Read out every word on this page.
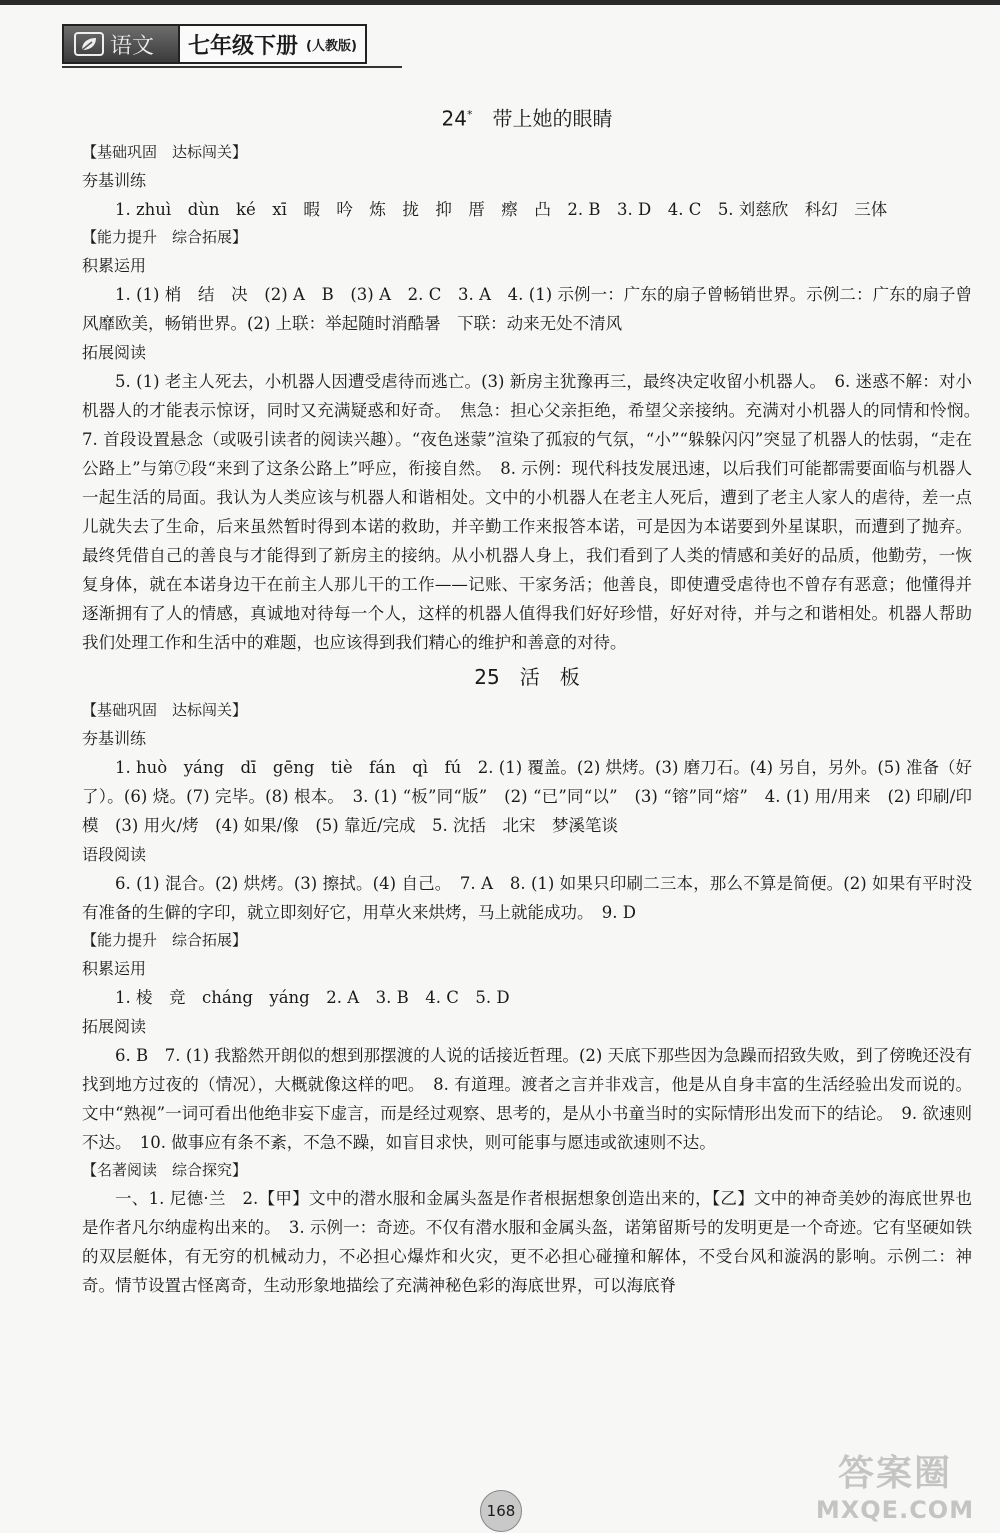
语文 七年级下册 (人教版)
24*　 带上她的眼睛
【基础巩固　达标闯关】
夯基训练

1. zhuì　dùn　ké　xī　暇　吟　炼　拢　抑　厝　瘵　凸　2. B　3. D　4. C　5. 刘慈欣　科幻　三体

【能力提升　综合拓展】
积累运用

1. (1) 梢　结　决　(2) A　B　(3) A　2. C　3. A　4. (1) 示例一：广东的扇子曾畅销世界。示例二：广东的扇子曾风靡欧美，畅销世界。(2) 上联：举起随时消酷暑　下联：动来无处不清风

拓展阅读

5. (1) 老主人死去，小机器人因遭受虐待而逃亡。(3) 新房主犹豫再三，最终决定收留小机器人。　6. 迷惑不解：对小机器人的才能表示惊讶，同时又充满疑惑和好奇。　焦急：担心父亲拒绝，希望父亲接纳。充满对小机器人的同情和怜悯。　7. 首段设置悬念（或吸引读者的阅读兴趣）。“夜色迷蒙”渲染了孤寂的气氛，“小”“躲躲闪闪”突显了机器人的怯弱，“走在公路上”与第⑦段“来到了这条公路上”呼应，衔接自然。　8. 示例：现代科技发展迅速，以后我们可能都需要面临与机器人一起生活的局面。我认为人类应该与机器人和谐相处。文中的小机器人在老主人死后，遭到了老主人家人的虐待，差一点儿就失去了生命，后来虽然暂时得到本诺的救助，并辛勤工作来报答本诺，可是因为本诺要到外星谋职，而遭到了抛弃。最终凭借自己的善良与才能得到了新房主的接纳。从小机器人身上，我们看到了人类的情感和美好的品质，他勤劳，一恢复身体，就在本诺身边干在前主人那儿干的工作——记账、干家务活；他善良，即使遭受虐待也不曾存有恶意；他懂得并逐渐拥有了人的情感，真诚地对待每一个人，这样的机器人值得我们好好珍惜，好好对待，并与之和谐相处。机器人帮助我们处理工作和生活中的难题，也应该得到我们精心的维护和善意的对待。

25　 活　板
【基础巩固　达标闯关】
夯基训练

1. huò　yáng　dī　gēng　tiè　fán　qì　fú　2. (1) 覆盖。(2) 烘烤。(3) 磨刀石。(4) 另自，另外。(5) 准备（好了）。(6) 烧。(7) 完毕。(8) 根本。　3. (1) “板”同“版”　(2) “已”同“以”　(3) “镕”同“熔”　4. (1) 用/用来　(2) 印刷/印模　(3) 用火/烤　(4) 如果/像　(5) 靠近/完成　5. 沈括　北宋　梦溪笔谈

语段阅读

6. (1) 混合。(2) 烘烤。(3) 擦拭。(4) 自己。　7. A　8. (1) 如果只印刷二三本，那么不算是简便。(2) 如果有平时没有准备的生僻的字印，就立即刻好它，用草火来烘烤，马上就能成功。　9. D

【能力提升　综合拓展】
积累运用

1. 棱　竞　cháng　yáng　2. A　3. B　4. C　5. D

拓展阅读

6. B　7. (1) 我豁然开朗似的想到那摆渡的人说的话接近哲理。(2) 天底下那些因为急躁而招致失败，到了傍晚还没有找到地方过夜的（情况），大概就像这样的吧。　8. 有道理。渡者之言并非戏言，他是从自身丰富的生活经验出发而说的。文中“熟视”一词可看出他绝非妄下虚言，而是经过观察、思考的，是从小书童当时的实际情形出发而下的结论。　9. 欲速则不达。　10. 做事应有条不紊，不急不躁，如盲目求快，则可能事与愿违或欲速则不达。

【名著阅读　综合探究】

一、1. 尼德·兰　2.【甲】文中的潜水服和金属头盔是作者根据想象创造出来的，【乙】文中的神奇美妙的海底世界也是作者凡尔纳虚构出来的。　3. 示例一：奇迹。不仅有潜水服和金属头盔，诺第留斯号的发明更是一个奇迹。它有坚硬如铁的双层艇体，有无穷的机械动力，不必担心爆炸和火灾，更不必担心碰撞和解体，不受台风和漩涡的影响。示例二：神奇。情节设置古怪离奇，生动形象地描绘了充满神秘色彩的海底世界，可以海底脊

168
答案圈
MXQE.COM
